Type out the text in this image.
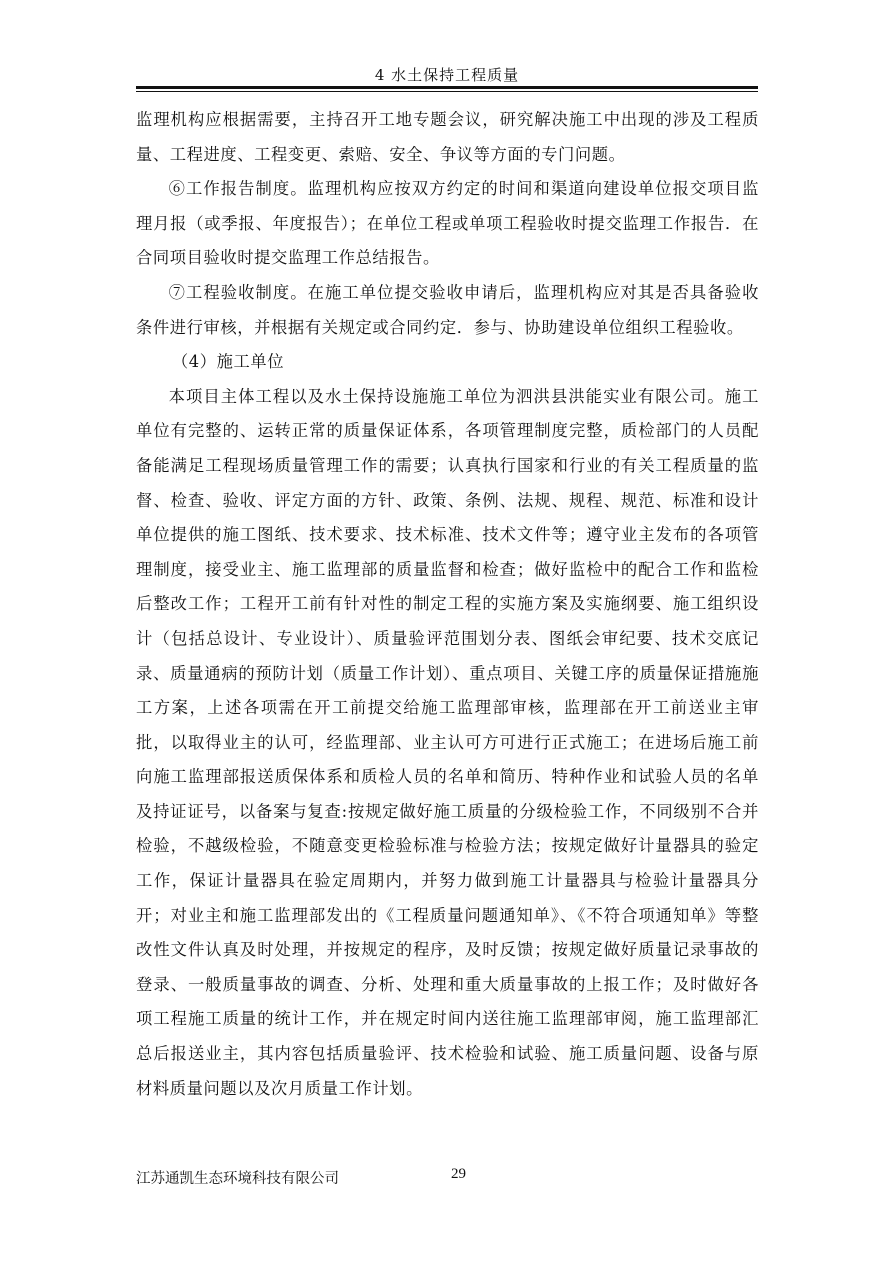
4 水土保持工程质量

监理机构应根据需要，主持召开工地专题会议，研究解决施工中出现的涉及工程质量、工程进度、工程变更、索赔、安全、争议等方面的专门问题。

⑥工作报告制度。监理机构应按双方约定的时间和渠道向建设单位报交项目监理月报（或季报、年度报告）；在单位工程或单项工程验收时提交监理工作报告．在合同项目验收时提交监理工作总结报告。

⑦工程验收制度。在施工单位提交验收申请后，监理机构应对其是否具备验收条件进行审核，并根据有关规定或合同约定．参与、协助建设单位组织工程验收。

（4）施工单位

本项目主体工程以及水土保持设施施工单位为泗洪县洪能实业有限公司。施工单位有完整的、运转正常的质量保证体系，各项管理制度完整，质检部门的人员配备能满足工程现场质量管理工作的需要；认真执行国家和行业的有关工程质量的监督、检查、验收、评定方面的方针、政策、条例、法规、规程、规范、标准和设计单位提供的施工图纸、技术要求、技术标准、技术文件等；遵守业主发布的各项管理制度，接受业主、施工监理部的质量监督和检查；做好监检中的配合工作和监检后整改工作；工程开工前有针对性的制定工程的实施方案及实施纲要、施工组织设计（包括总设计、专业设计）、质量验评范围划分表、图纸会审纪要、技术交底记录、质量通病的预防计划（质量工作计划）、重点项目、关键工序的质量保证措施施工方案，上述各项需在开工前提交给施工监理部审核，监理部在开工前送业主审批，以取得业主的认可，经监理部、业主认可方可进行正式施工；在进场后施工前向施工监理部报送质保体系和质检人员的名单和简历、特种作业和试验人员的名单及持证证号，以备案与复查:按规定做好施工质量的分级检验工作，不同级别不合并检验，不越级检验，不随意变更检验标准与检验方法；按规定做好计量器具的验定工作，保证计量器具在验定周期内，并努力做到施工计量器具与检验计量器具分开；对业主和施工监理部发出的《工程质量问题通知单》、《不符合项通知单》等整改性文件认真及时处理，并按规定的程序，及时反馈；按规定做好质量记录事故的登录、一般质量事故的调查、分析、处理和重大质量事故的上报工作；及时做好各项工程施工质量的统计工作，并在规定时间内送往施工监理部审阅，施工监理部汇总后报送业主，其内容包括质量验评、技术检验和试验、施工质量问题、设备与原材料质量问题以及次月质量工作计划。

江苏通凯生态环境科技有限公司	29
